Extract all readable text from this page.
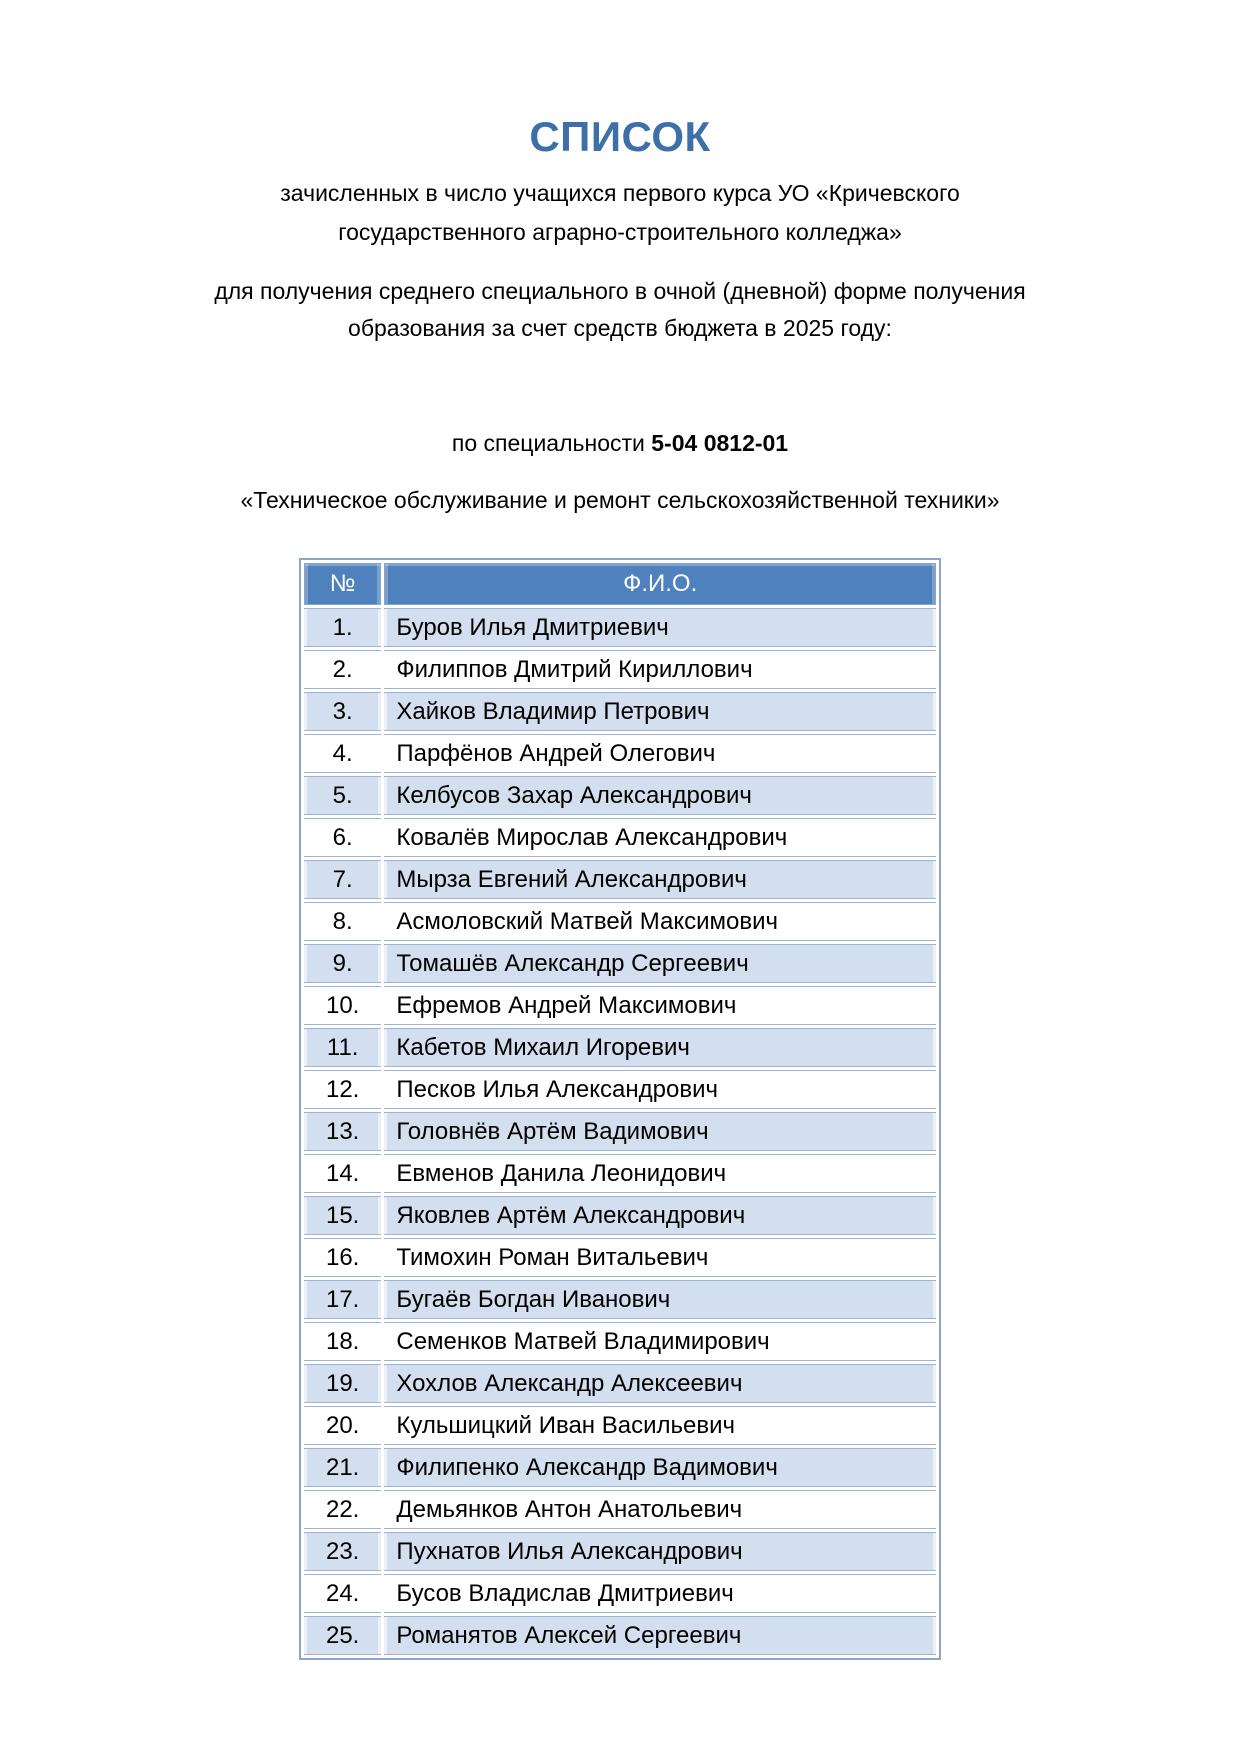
СПИСОК
зачисленных в число учащихся первого курса УО «Кричевского
государственного аграрно-строительного колледжа»
для получения среднего специального в очной (дневной) форме получения
образования за счет средств бюджета в 2025 году:
по специальности 5-04 0812-01
«Техническое обслуживание и ремонт сельскохозяйственной техники»
№	Ф.И.О.
1.	Буров Илья Дмитриевич
2.	Филиппов Дмитрий Кириллович
3.	Хайков Владимир Петрович
4.	Парфёнов Андрей Олегович
5.	Келбусов Захар Александрович
6.	Ковалёв Мирослав Александрович
7.	Мырза Евгений Александрович
8.	Асмоловский Матвей Максимович
9.	Томашёв Александр Сергеевич
10.	Ефремов Андрей Максимович
11.	Кабетов Михаил Игоревич
12.	Песков Илья Александрович
13.	Головнёв Артём Вадимович
14.	Евменов Данила Леонидович
15.	Яковлев Артём Александрович
16.	Тимохин Роман Витальевич
17.	Бугаёв Богдан Иванович
18.	Семенков Матвей Владимирович
19.	Хохлов Александр Алексеевич
20.	Кульшицкий Иван Васильевич
21.	Филипенко Александр Вадимович
22.	Демьянков Антон Анатольевич
23.	Пухнатов Илья Александрович
24.	Бусов Владислав Дмитриевич
25.	Романятов Алексей Сергеевич
